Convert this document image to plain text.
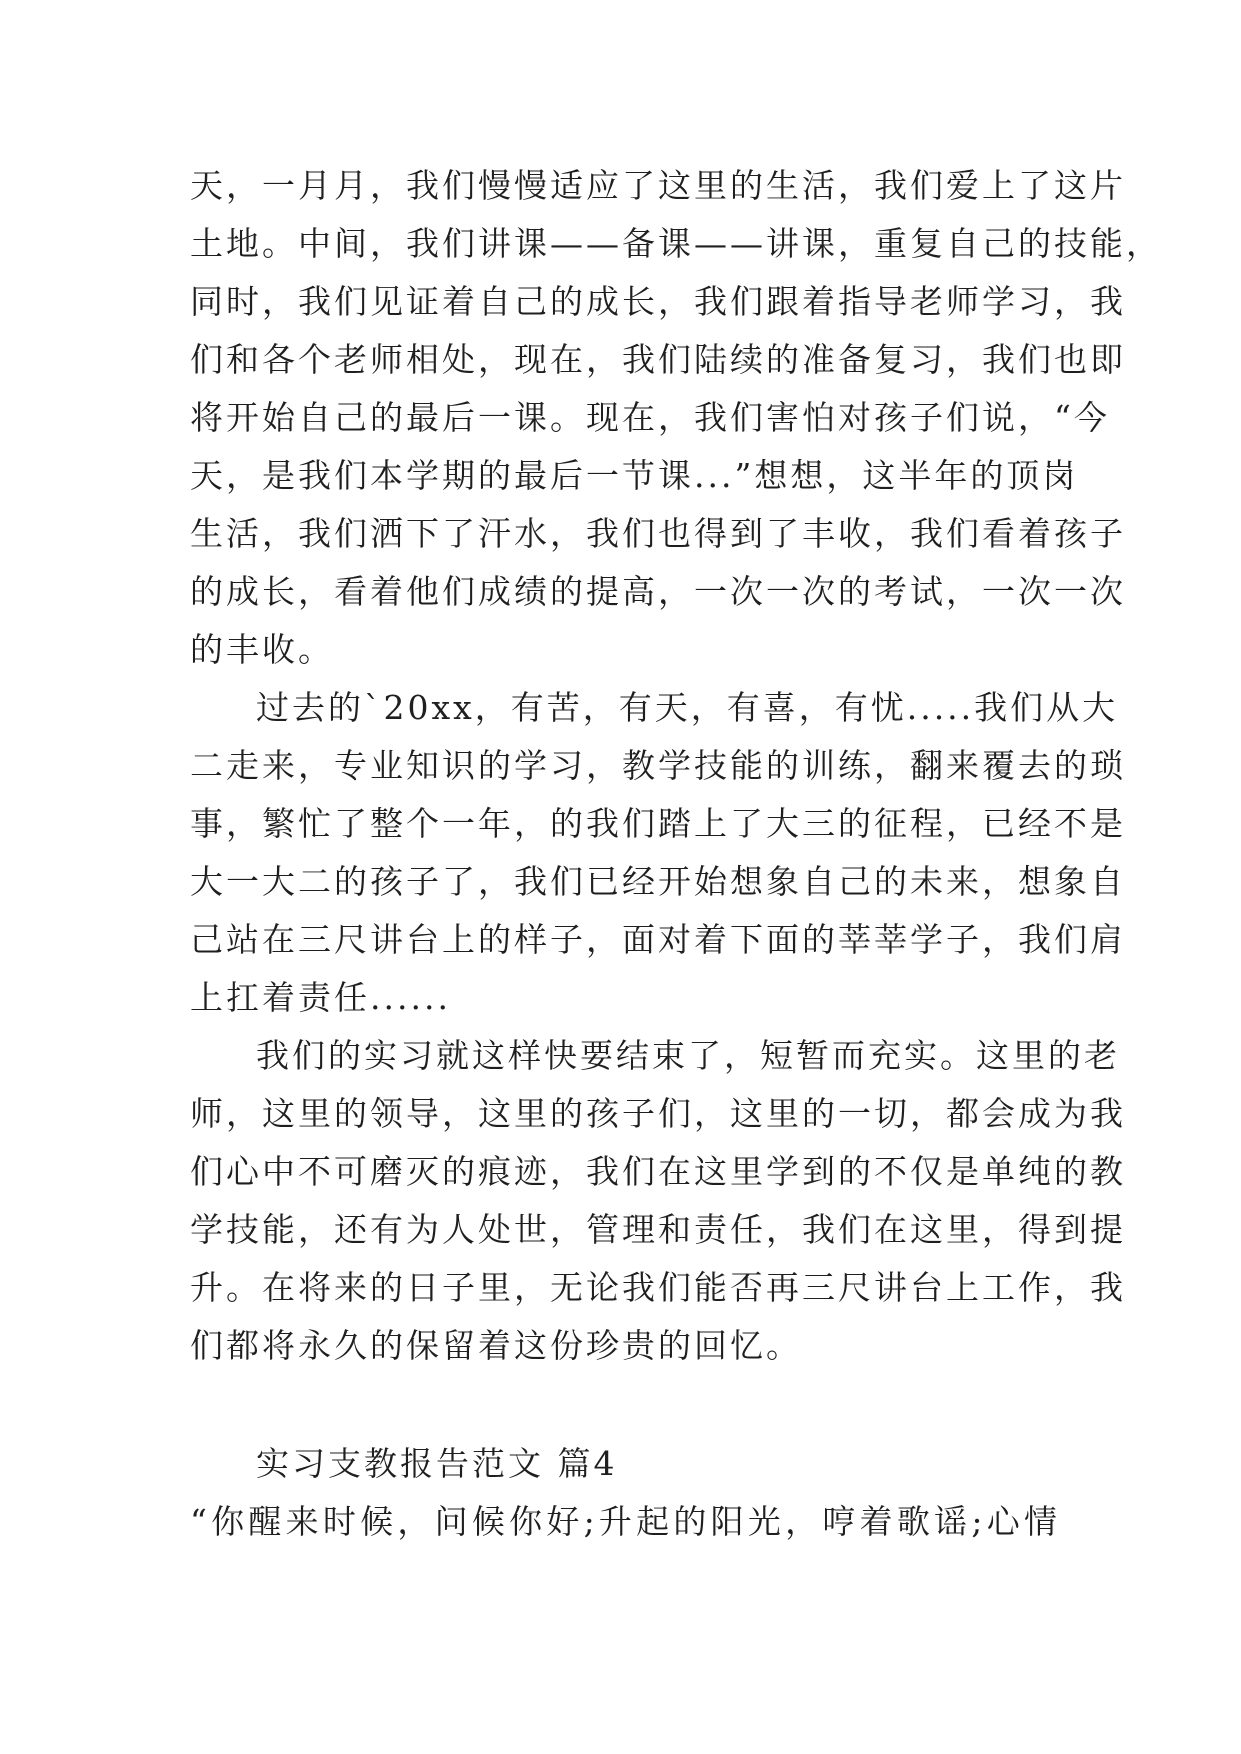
天，一月月，我们慢慢适应了这里的生活，我们爱上了这片
土地。中间，我们讲课——备课——讲课，重复自己的技能，
同时，我们见证着自己的成长，我们跟着指导老师学习，我
们和各个老师相处，现在，我们陆续的准备复习，我们也即
将开始自己的最后一课。现在，我们害怕对孩子们说，“今
天，是我们本学期的最后一节课...”想想，这半年的顶岗
生活，我们洒下了汗水，我们也得到了丰收，我们看着孩子
的成长，看着他们成绩的提高，一次一次的考试，一次一次
的丰收。
过去的`20xx，有苦，有天，有喜，有忧.....我们从大
二走来，专业知识的学习，教学技能的训练，翻来覆去的琐
事，繁忙了整个一年，的我们踏上了大三的征程，已经不是
大一大二的孩子了，我们已经开始想象自己的未来，想象自
己站在三尺讲台上的样子，面对着下面的莘莘学子，我们肩
上扛着责任......
我们的实习就这样快要结束了，短暂而充实。这里的老
师，这里的领导，这里的孩子们，这里的一切，都会成为我
们心中不可磨灭的痕迹，我们在这里学到的不仅是单纯的教
学技能，还有为人处世，管理和责任，我们在这里，得到提
升。在将来的日子里，无论我们能否再三尺讲台上工作，我
们都将永久的保留着这份珍贵的回忆。
实习支教报告范文 篇4
“你醒来时候，问候你好;升起的阳光，哼着歌谣;心情
